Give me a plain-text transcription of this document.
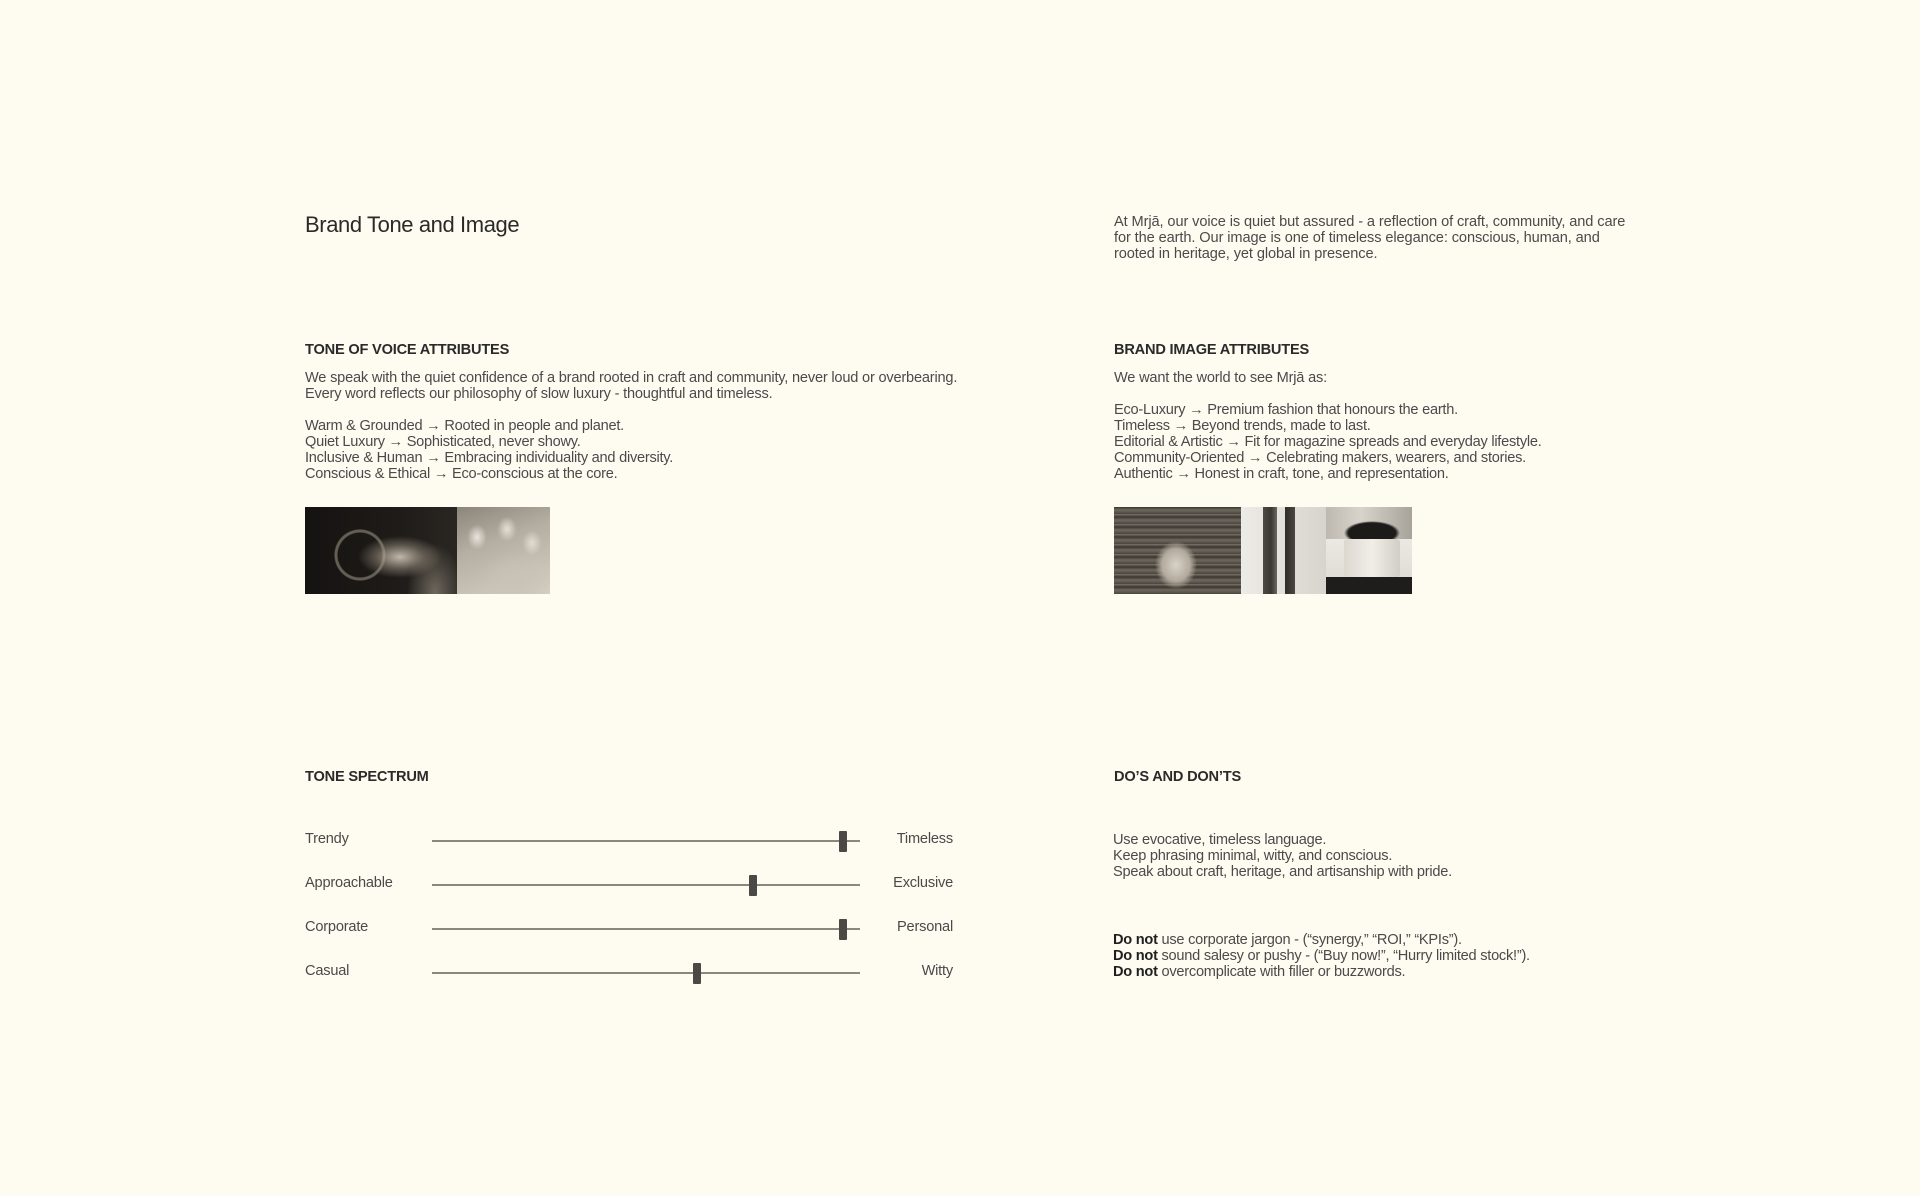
Brand Tone and Image	At Mrjā, our voice is quiet but assured - a reflection of craft, community, and care for the earth. Our image is one of timeless elegance: conscious, human, and rooted in heritage, yet global in presence.

TONE OF VOICE ATTRIBUTES

We speak with the quiet confidence of a brand rooted in craft and community, never loud or overbearing. Every word reflects our philosophy of slow luxury - thoughtful and timeless.

Warm & Grounded → Rooted in people and planet.
Quiet Luxury → Sophisticated, never showy.
Inclusive & Human → Embracing individuality and diversity.
Conscious & Ethical → Eco-conscious at the core.
BRAND IMAGE ATTRIBUTES

We want the world to see Mrjā as:

Eco-Luxury → Premium fashion that honours the earth.
Timeless → Beyond trends, made to last.
Editorial & Artistic → Fit for magazine spreads and everyday lifestyle.
Community-Oriented → Celebrating makers, wearers, and stories.
Authentic → Honest in craft, tone, and representation.
TONE SPECTRUM
Trendy	Timeless
Approachable	Exclusive
Corporate	Personal
Casual	Witty
DO’S AND DON’TS
Use evocative, timeless language.
Keep phrasing minimal, witty, and conscious.
Speak about craft, heritage, and artisanship with pride.
Do not use corporate jargon - (“synergy,” “ROI,” “KPIs”).
Do not sound salesy or pushy - (“Buy now!”, “Hurry limited stock!”).
Do not overcomplicate with filler or buzzwords.
